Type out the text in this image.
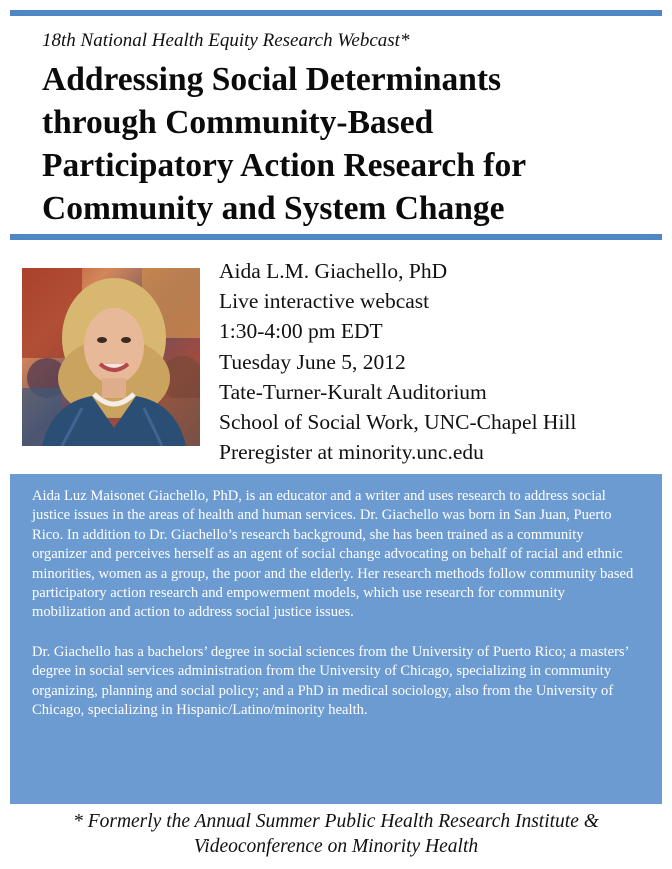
18th National Health Equity Research Webcast*
Addressing Social Determinants
through Community-Based
Participatory Action Research for
Community and System Change
Aida L.M. Giachello, PhD
Live interactive webcast
1:30-4:00 pm EDT
Tuesday June 5, 2012
Tate-Turner-Kuralt Auditorium
School of Social Work, UNC-Chapel Hill
Preregister at minority.unc.edu

Aida Luz Maisonet Giachello, PhD, is an educator and a writer and uses research to address social justice issues in the areas of health and human services. Dr. Giachello was born in San Juan, Puerto Rico. In addition to Dr. Giachello’s research background, she has been trained as a community organizer and perceives herself as an agent of social change advocating on behalf of racial and ethnic minorities, women as a group, the poor and the elderly. Her research methods follow community based participatory action research and empowerment models, which use research for community mobilization and action to address social justice issues.

Dr. Giachello has a bachelors’ degree in social sciences from the University of Puerto Rico; a masters’ degree in social services administration from the University of Chicago, specializing in community organizing, planning and social policy; and a PhD in medical sociology, also from the University of Chicago, specializing in Hispanic/Latino/minority health.

* Formerly the Annual Summer Public Health Research Institute &
Videoconference on Minority Health
